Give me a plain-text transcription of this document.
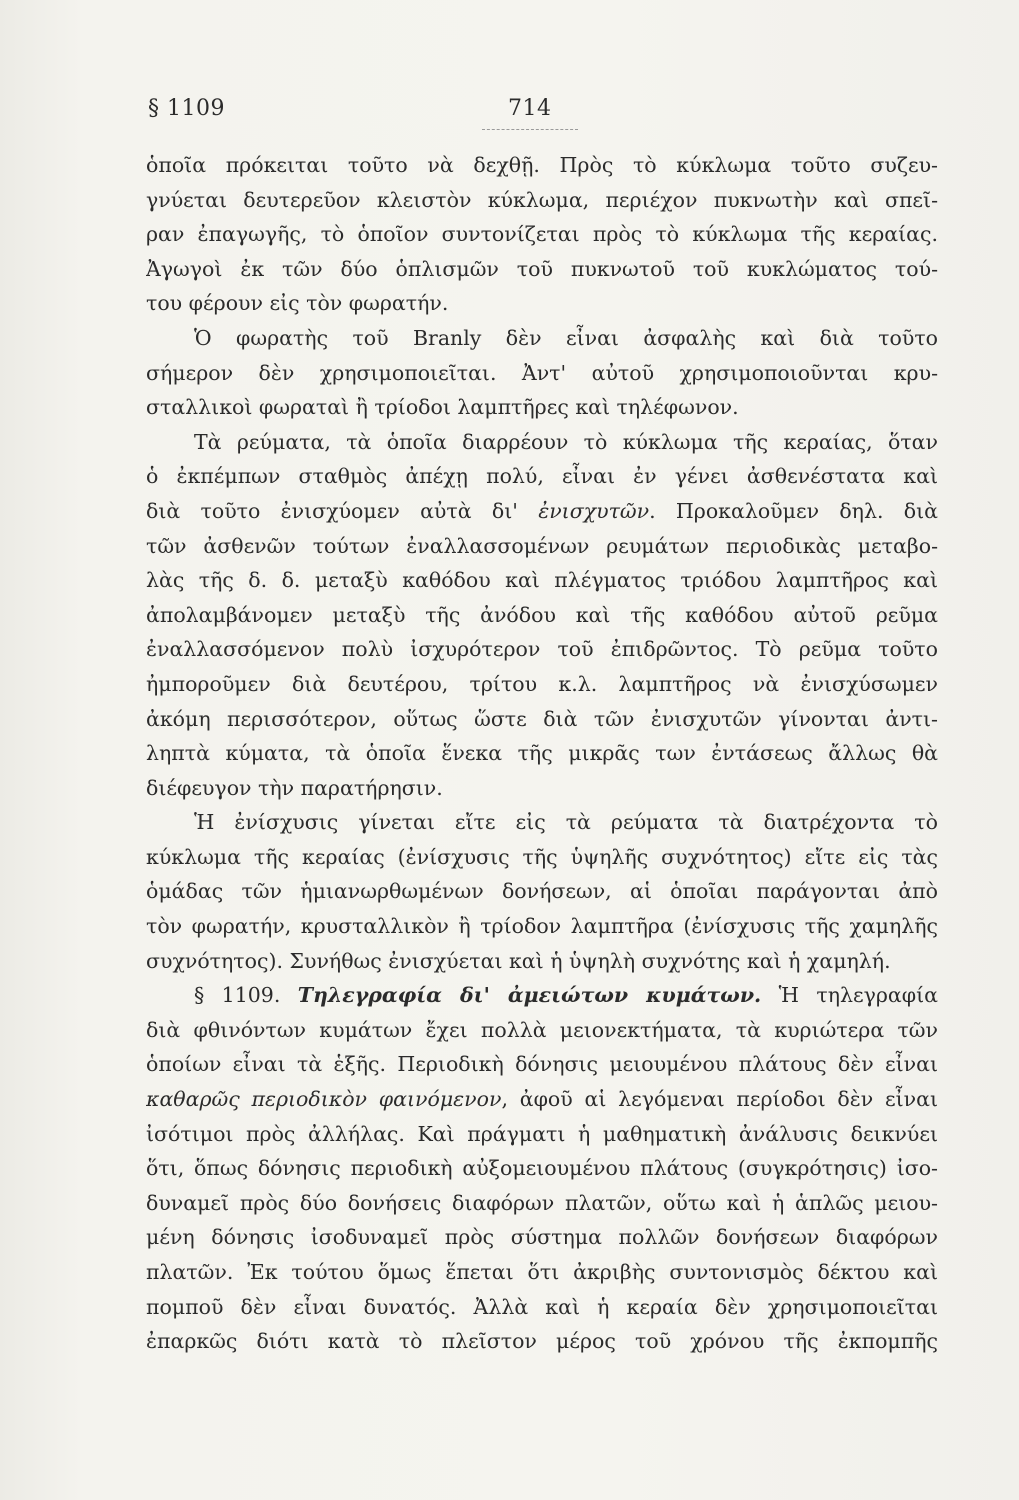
§ 1109	714
ὁποῖα πρόκειται τοῦτο νὰ δεχθῇ. Πρὸς τὸ κύκλωμα τοῦτο συζευ-
γνύεται δευτερεῦον κλειστὸν κύκλωμα, περιέχον πυκνωτὴν καὶ σπεῖ-
ραν ἐπαγωγῆς, τὸ ὁποῖον συντονίζεται πρὸς τὸ κύκλωμα τῆς κεραίας.
Ἀγωγοὶ ἐκ τῶν δύο ὁπλισμῶν τοῦ πυκνωτοῦ τοῦ κυκλώματος τού-
του φέρουν εἰς τὸν φωρατήν.
Ὁ φωρατὴς τοῦ Branly δὲν εἶναι ἀσφαλὴς καὶ διὰ τοῦτο
σήμερον δὲν χρησιμοποιεῖται. Ἀντ' αὐτοῦ χρησιμοποιοῦνται κρυ-
σταλλικοὶ φωραταὶ ἢ τρίοδοι λαμπτῆρες καὶ τηλέφωνον.
Τὰ ρεύματα, τὰ ὁποῖα διαρρέουν τὸ κύκλωμα τῆς κεραίας, ὅταν
ὁ ἐκπέμπων σταθμὸς ἀπέχῃ πολύ, εἶναι ἐν γένει ἀσθενέστατα καὶ
διὰ τοῦτο ἐνισχύομεν αὐτὰ δι' ἐνισχυτῶν. Προκαλοῦμεν δηλ. διὰ
τῶν ἀσθενῶν τούτων ἐναλλασσομένων ρευμάτων περιοδικὰς μεταβο-
λὰς τῆς δ. δ. μεταξὺ καθόδου καὶ πλέγματος τριόδου λαμπτῆρος καὶ
ἀπολαμβάνομεν μεταξὺ τῆς ἀνόδου καὶ τῆς καθόδου αὐτοῦ ρεῦμα
ἐναλλασσόμενον πολὺ ἰσχυρότερον τοῦ ἐπιδρῶντος. Τὸ ρεῦμα τοῦτο
ἠμποροῦμεν διὰ δευτέρου, τρίτου κ.λ. λαμπτῆρος νὰ ἐνισχύσωμεν
ἀκόμη περισσότερον, οὕτως ὥστε διὰ τῶν ἐνισχυτῶν γίνονται ἀντι-
ληπτὰ κύματα, τὰ ὁποῖα ἕνεκα τῆς μικρᾶς των ἐντάσεως ἄλλως θὰ
διέφευγον τὴν παρατήρησιν.
Ἡ ἐνίσχυσις γίνεται εἴτε εἰς τὰ ρεύματα τὰ διατρέχοντα τὸ
κύκλωμα τῆς κεραίας (ἐνίσχυσις τῆς ὑψηλῆς συχνότητος) εἴτε εἰς τὰς
ὁμάδας τῶν ἡμιανωρθωμένων δονήσεων, αἱ ὁποῖαι παράγονται ἀπὸ
τὸν φωρατήν, κρυσταλλικὸν ἢ τρίοδον λαμπτῆρα (ἐνίσχυσις τῆς χαμηλῆς
συχνότητος). Συνήθως ἐνισχύεται καὶ ἡ ὑψηλὴ συχνότης καὶ ἡ χαμηλή.
§ 1109. Τηλεγραφία δι' ἀμειώτων κυμάτων. Ἡ τηλεγραφία
διὰ φθινόντων κυμάτων ἔχει πολλὰ μειονεκτήματα, τὰ κυριώτερα τῶν
ὁποίων εἶναι τὰ ἑξῆς. Περιοδικὴ δόνησις μειουμένου πλάτους δὲν εἶναι
καθαρῶς περιοδικὸν φαινόμενον, ἀφοῦ αἱ λεγόμεναι περίοδοι δὲν εἶναι
ἰσότιμοι πρὸς ἀλλήλας. Καὶ πράγματι ἡ μαθηματικὴ ἀνάλυσις δεικνύει
ὅτι, ὅπως δόνησις περιοδικὴ αὐξομειουμένου πλάτους (συγκρότησις) ἰσο-
δυναμεῖ πρὸς δύο δονήσεις διαφόρων πλατῶν, οὕτω καὶ ἡ ἁπλῶς μειου-
μένη δόνησις ἰσοδυναμεῖ πρὸς σύστημα πολλῶν δονήσεων διαφόρων
πλατῶν. Ἐκ τούτου ὅμως ἕπεται ὅτι ἀκριβὴς συντονισμὸς δέκτου καὶ
πομποῦ δὲν εἶναι δυνατός. Ἀλλὰ καὶ ἡ κεραία δὲν χρησιμοποιεῖται
ἐπαρκῶς διότι κατὰ τὸ πλεῖστον μέρος τοῦ χρόνου τῆς ἐκπομπῆς
